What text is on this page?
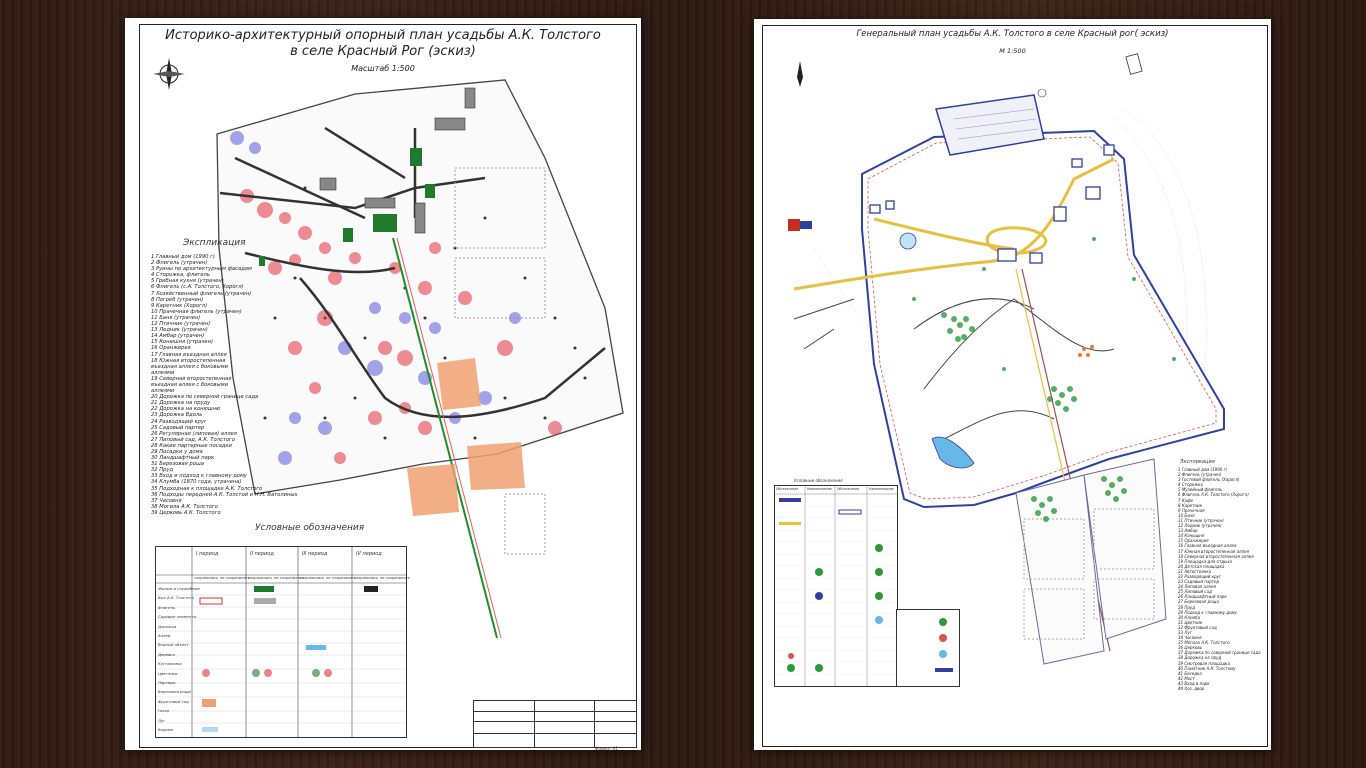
Историко-архитектурный опорный план усадьбы А.К. Толстого
в селе Красный Рог (эскиз)
Масштаб 1:500
Экспликация
1 Главный дом (1990 г)
2 Флигель (утрачен)
3 Руины по архитектурным фасадам
4 Сторожка, флигель
5 Грибная кухня (утрачен)
6 Флигель (с.А. Толстого, Хорогл)
7 Хозяйственный флигель (утрачен)
8 Погреб (утрачен)
9 Каретник (Хорогл)
10 Прачечная флигель (утрачен)
11 Баня (утрачен)
12 Птичник (утрачен)
13 Ледник (утрачен)
14 Амбар (утрачен)
15 Конюшня (утрачен)
16 Оранжерея
17 Главная въездная аллея
18 Южная второстепенная
въездная аллея с боковыми
аллеями
19 Северная второстепенная
въездная аллея с боковыми
аллеями
20 Дорожка по северной границе сада
21 Дорожка на пруду
22 Дорожка на конюшню
23 Дорожка Вдоль
24 Разводящий круг
25 Садовый партер
26 Регулярная (липовая) аллея
27 Липовый сад, А.К. Толстого
28 Какие партерные посадки
29 Посадки у дома
30 Ландшафтный парк
31 Березовая роща
32 Пруд
33 Вход и подход к главному дому
34 Клумба (1870 года, утрачена)
35 Подходная к площадке А.К. Толстого
36 Подходы передней А.К. Толстой и Н.Н. Ватолиных
37 Часовня
38 Могила А.К. Толстого
39 Церковь А.К. Толстого
Условные обозначения
I период
сохранились не сохранились
II период
сохранились не сохранились
III период
сохранились не сохранились
IV период
сохранились не сохранились
Жилые и служебные
Быт А.К. Толстого
Флигель
Садовые элементы
Дорожки
Аллеи
Водный объект
Деревья
Кустарники
Цветники
Партеры
Березовая роща
Фруктовый сад
Газон
Луг
Водоем
Формат А1
Генеральный план усадьбы А.К. Толстого в селе Красный рог( эскиз)
М 1:500
Условные обозначения
Обозначение	Наименование Обозначение	Наименование
Экспликация
1 Главный дом (1990 г)
2 Флигель (утрачен)
3 Гостевой флигель (Хорогл)
4 Сторожка
5 Музейный флигель
6 Флигель А.К. Толстого (Хорогл)
7 Кафе
8 Каретник
9 Прачечная
10 Баня
11 Птичник (утрачен)
12 Ледник (утрачен)
13 Амбар
14 Конюшня
15 Оранжерея
16 Главная въездная аллея
17 Южная второстепенная аллея
18 Северная второстепенная аллея
19 Площадка для отдыха
20 Детская площадка
21 Автостоянка
22 Разводящий круг
23 Садовый партер
24 Липовая аллея
25 Липовый сад
26 Ландшафтный парк
27 Березовая роща
28 Пруд
29 Подход к главному дому
30 Клумба
31 Цветник
32 Фруктовый сад
33 Луг
34 Часовня
35 Могила А.К. Толстого
36 Церковь
37 Дорожка по северной границе сада
38 Дорожка на пруд
39 Смотровая площадка
40 Памятник А.К. Толстому
41 Беседка
42 Мост
43 Вход в парк
44 Хоз. двор
